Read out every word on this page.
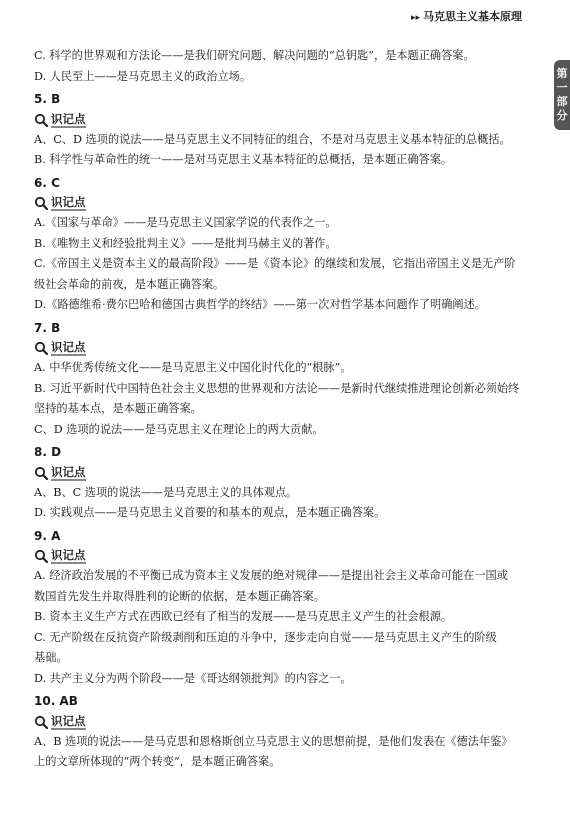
▸▸ 马克思主义基本原理
第
一
部
分
C. 科学的世界观和方法论——是我们研究问题、解决问题的“总钥匙”，是本题正确答案。
D. 人民至上——是马克思主义的政治立场。
5. B
识记点
A、C、D 选项的说法——是马克思主义不同特征的组合，不是对马克思主义基本特征的总概括。
B. 科学性与革命性的统一——是对马克思主义基本特征的总概括，是本题正确答案。
6. C
识记点
A.《国家与革命》——是马克思主义国家学说的代表作之一。
B.《唯物主义和经验批判主义》——是批判马赫主义的著作。
C.《帝国主义是资本主义的最高阶段》——是《资本论》的继续和发展，它指出帝国主义是无产阶
级社会革命的前夜，是本题正确答案。
D.《路德维希·费尔巴哈和德国古典哲学的终结》——第一次对哲学基本问题作了明确阐述。
7. B
识记点
A. 中华优秀传统文化——是马克思主义中国化时代化的“根脉”。
B. 习近平新时代中国特色社会主义思想的世界观和方法论——是新时代继续推进理论创新必须始终
坚持的基本点，是本题正确答案。
C、D 选项的说法——是马克思主义在理论上的两大贡献。
8. D
识记点
A、B、C 选项的说法——是马克思主义的具体观点。
D. 实践观点——是马克思主义首要的和基本的观点，是本题正确答案。
9. A
识记点
A. 经济政治发展的不平衡已成为资本主义发展的绝对规律——是提出社会主义革命可能在一国或
数国首先发生并取得胜利的论断的依据，是本题正确答案。
B. 资本主义生产方式在西欧已经有了相当的发展——是马克思主义产生的社会根源。
C. 无产阶级在反抗资产阶级剥削和压迫的斗争中，逐步走向自觉——是马克思主义产生的阶级
基础。
D. 共产主义分为两个阶段——是《哥达纲领批判》的内容之一。
10. AB
识记点
A、B 选项的说法——是马克思和恩格斯创立马克思主义的思想前提，是他们发表在《德法年鉴》
上的文章所体现的“两个转变”，是本题正确答案。
